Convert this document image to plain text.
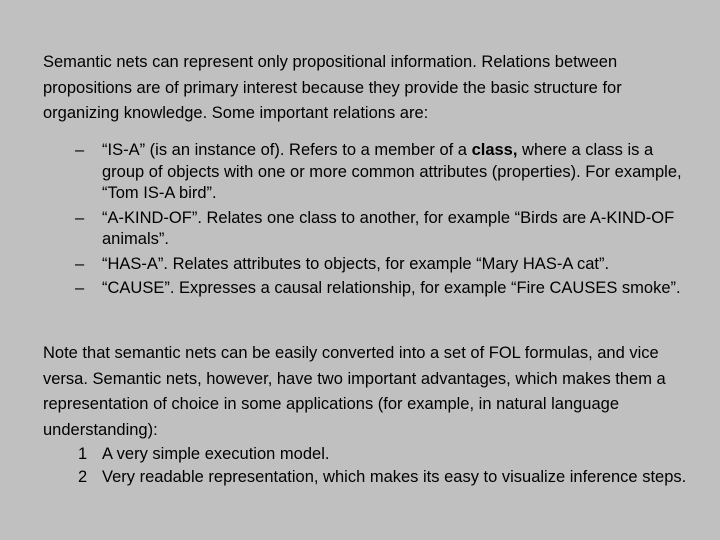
Semantic nets can represent only propositional information. Relations between propositions are of primary interest because they provide the basic structure for organizing knowledge. Some important relations are:

– “IS-A” (is an instance of). Refers to a member of a class, where a class is a group of objects with one or more common attributes (properties). For example, “Tom IS-A bird”.
– “A-KIND-OF”. Relates one class to another, for example “Birds are A-KIND-OF animals”.
– “HAS-A”. Relates attributes to objects, for example “Mary HAS-A cat”.
– “CAUSE”. Expresses a causal relationship, for example “Fire CAUSES smoke”.
Note that semantic nets can be easily converted into a set of FOL formulas, and vice versa. Semantic nets, however, have two important advantages, which makes them a representation of choice in some applications (for example, in natural language understanding):
1 A very simple execution model.
2 Very readable representation, which makes its easy to visualize inference steps.
